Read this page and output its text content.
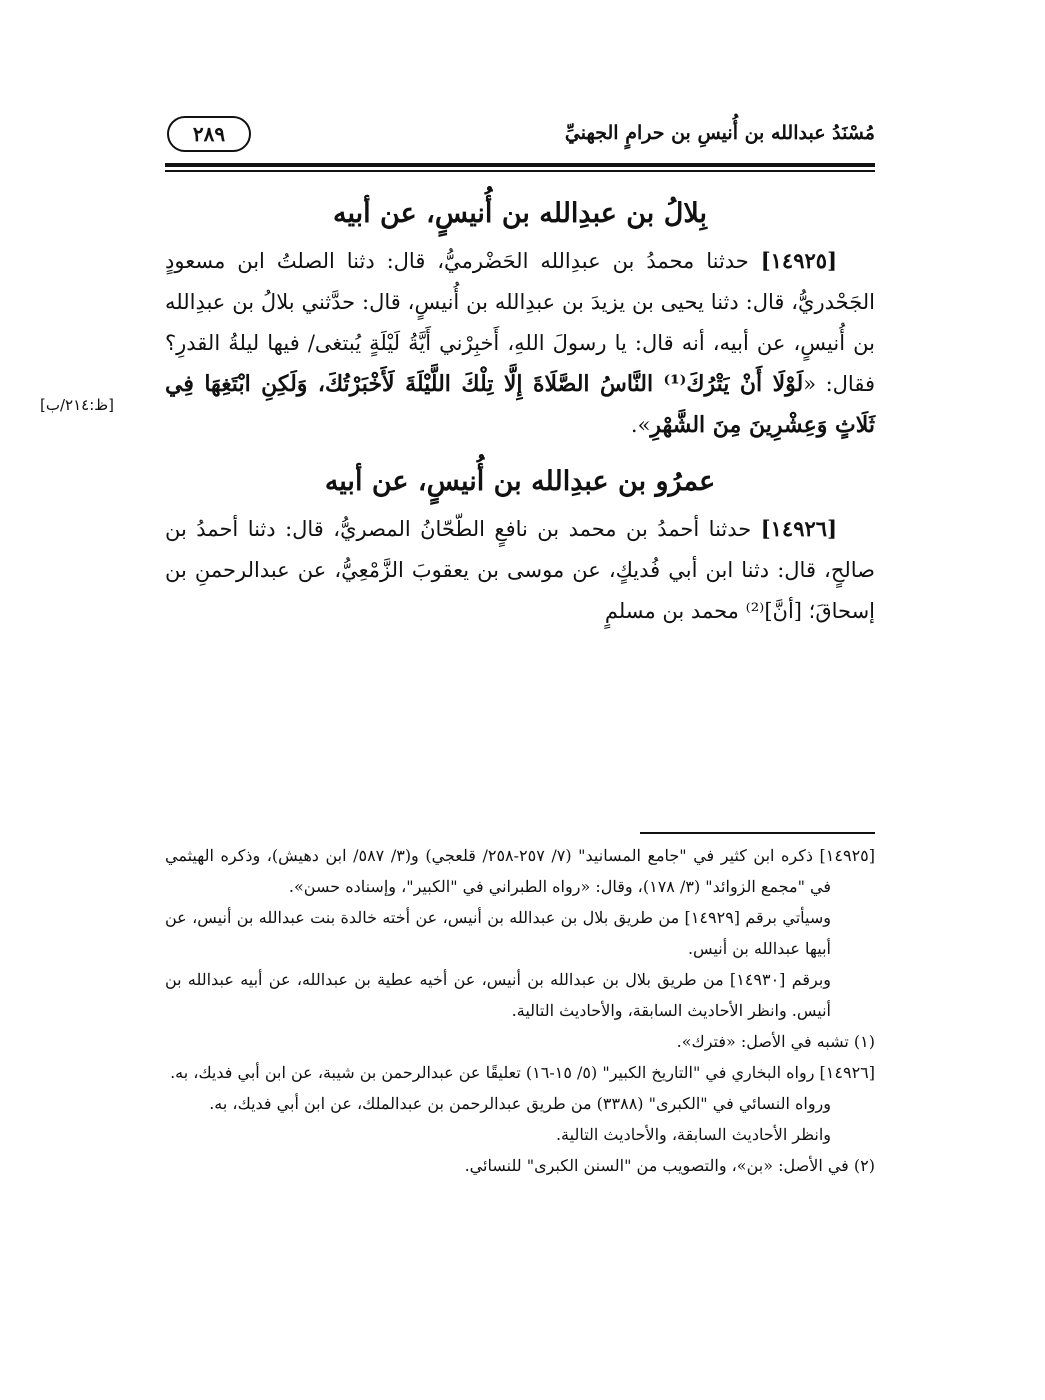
مُسْنَدُ عبدالله بن أُنيسِ بن حرامٍ الجهنيِّ
٢٨٩
[ظ:٢١٤/ب]
بِلالُ بن عبدِالله بن أُنيسٍ، عن أبيه

[١٤٩٢٥] حدثنا محمدُ بن عبدِالله الحَضْرميُّ، قال: دثنا الصلتُ ابن مسعودٍ الجَحْدريُّ، قال: دثنا يحيى بن يزيدَ بن عبدِالله بن أُنيسٍ، قال: حدَّثني بلالُ بن عبدِالله بن أُنيسٍ، عن أبيه، أنه قال: يا رسولَ اللهِ، أَخبِرْني أَيَّةُ لَيْلَةٍ يُبتغى/ فيها ليلةُ القدرِ؟ فقال: «لَوْلَا أَنْ يَتْرُكَ⁽¹⁾ النَّاسُ الصَّلَاةَ إِلَّا تِلْكَ اللَّيْلَةَ لَأَخْبَرْتُكَ، وَلَكِنِ ابْتَغِهَا فِي ثَلَاثٍ وَعِشْرِينَ مِنَ الشَّهْرِ».

عمرُو بن عبدِالله بن أُنيسٍ، عن أبيه

[١٤٩٢٦] حدثنا أحمدُ بن محمد بن نافعٍ الطّحّانُ المصريُّ، قال: دثنا أحمدُ بن صالحٍ، قال: دثنا ابن أبي فُديكٍ، عن موسى بن يعقوبَ الزَّمْعِيُّ، عن عبدالرحمنِ بن إسحاقَ؛ [أنَّ]⁽²⁾ محمد بن مسلمٍ

[١٤٩٢٥] ذكره ابن كثير في "جامع المسانيد" (٧/ ٢٥٧-٢٥٨/ قلعجي) و(٣/ ٥٨٧/ ابن دهيش)، وذكره الهيثمي في "مجمع الزوائد" (٣/ ١٧٨)، وقال: «رواه الطبراني في "الكبير"، وإسناده حسن».

وسيأتي برقم [١٤٩٢٩] من طريق بلال بن عبدالله بن أنيس، عن أخته خالدة بنت عبدالله بن أنيس، عن أبيها عبدالله بن أنيس.

وبرقم [١٤٩٣٠] من طريق بلال بن عبدالله بن أنيس، عن أخيه عطية بن عبدالله، عن أبيه عبدالله بن أنيس. وانظر الأحاديث السابقة، والأحاديث التالية.

(١) تشبه في الأصل: «فترك».

[١٤٩٢٦] رواه البخاري في "التاريخ الكبير" (٥/ ١٥-١٦) تعليقًا عن عبدالرحمن بن شيبة، عن ابن أبي فديك، به.

ورواه النسائي في "الكبرى" (٣٣٨٨) من طريق عبدالرحمن بن عبدالملك، عن ابن أبي فديك، به.

وانظر الأحاديث السابقة، والأحاديث التالية.

(٢) في الأصل: «بن»، والتصويب من "السنن الكبرى" للنسائي.
